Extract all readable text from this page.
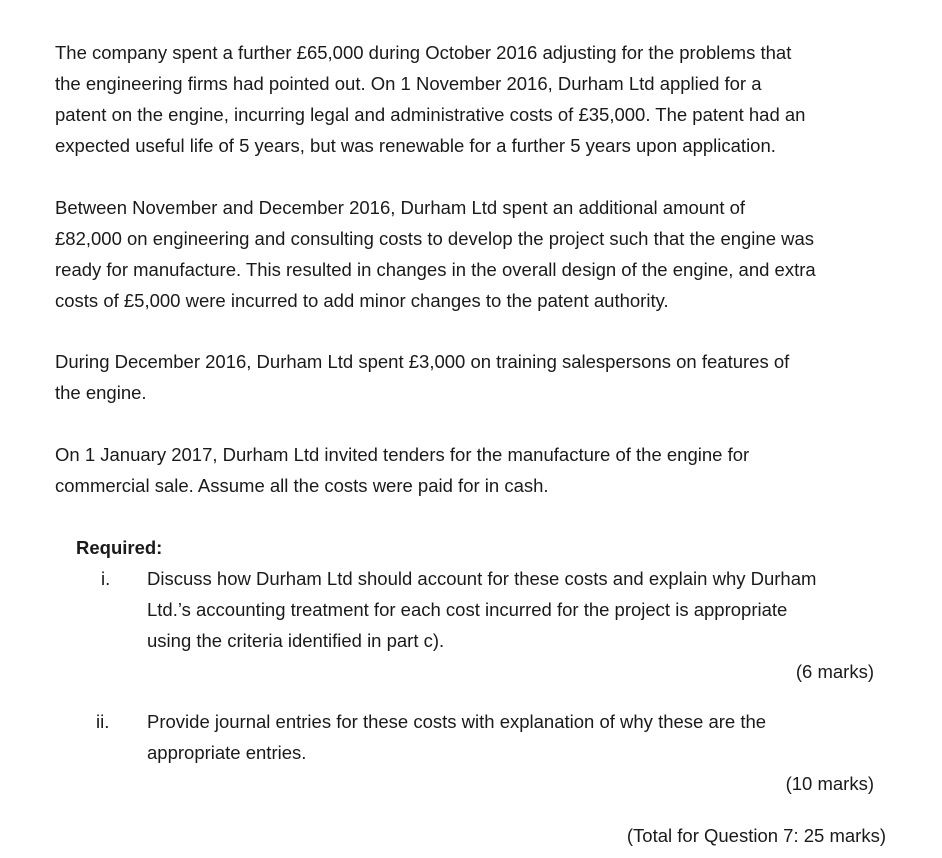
The company spent a further £65,000 during October 2016 adjusting for the problems that
the engineering firms had pointed out. On 1 November 2016, Durham Ltd applied for a
patent on the engine, incurring legal and administrative costs of £35,000. The patent had an
expected useful life of 5 years, but was renewable for a further 5 years upon application.

Between November and December 2016, Durham Ltd spent an additional amount of
£82,000 on engineering and consulting costs to develop the project such that the engine was
ready for manufacture. This resulted in changes in the overall design of the engine, and extra
costs of £5,000 were incurred to add minor changes to the patent authority.

During December 2016, Durham Ltd spent £3,000 on training salespersons on features of
the engine.

On 1 January 2017, Durham Ltd invited tenders for the manufacture of the engine for
commercial sale. Assume all the costs were paid for in cash.

Required:
i. Discuss how Durham Ltd should account for these costs and explain why Durham
Ltd.’s accounting treatment for each cost incurred for the project is appropriate
using the criteria identified in part c).

(6 marks)
ii. Provide journal entries for these costs with explanation of why these are the
appropriate entries.

(10 marks)
(Total for Question 7: 25 marks)
